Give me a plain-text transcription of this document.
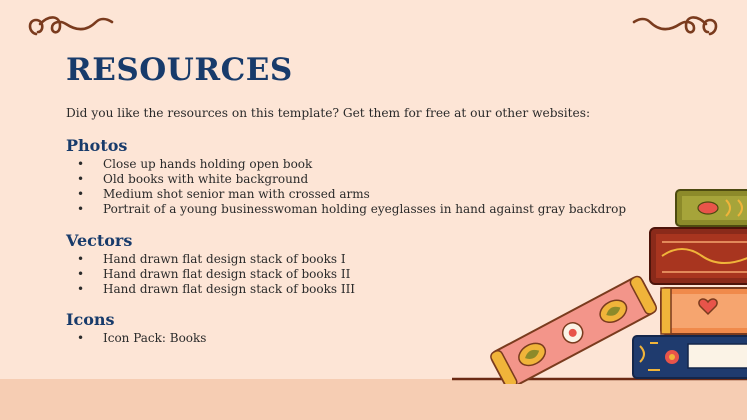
RESOURCES

Did you like the resources on this template? Get them for free at our other websites:

Photos
• Close up hands holding open book
• Old books with white background
• Medium shot senior man with crossed arms
• Portrait of a young businesswoman holding eyeglasses in hand against gray backdrop
Vectors
• Hand drawn flat design stack of books I
• Hand drawn flat design stack of books II
• Hand drawn flat design stack of books III
Icons
• Icon Pack: Books
